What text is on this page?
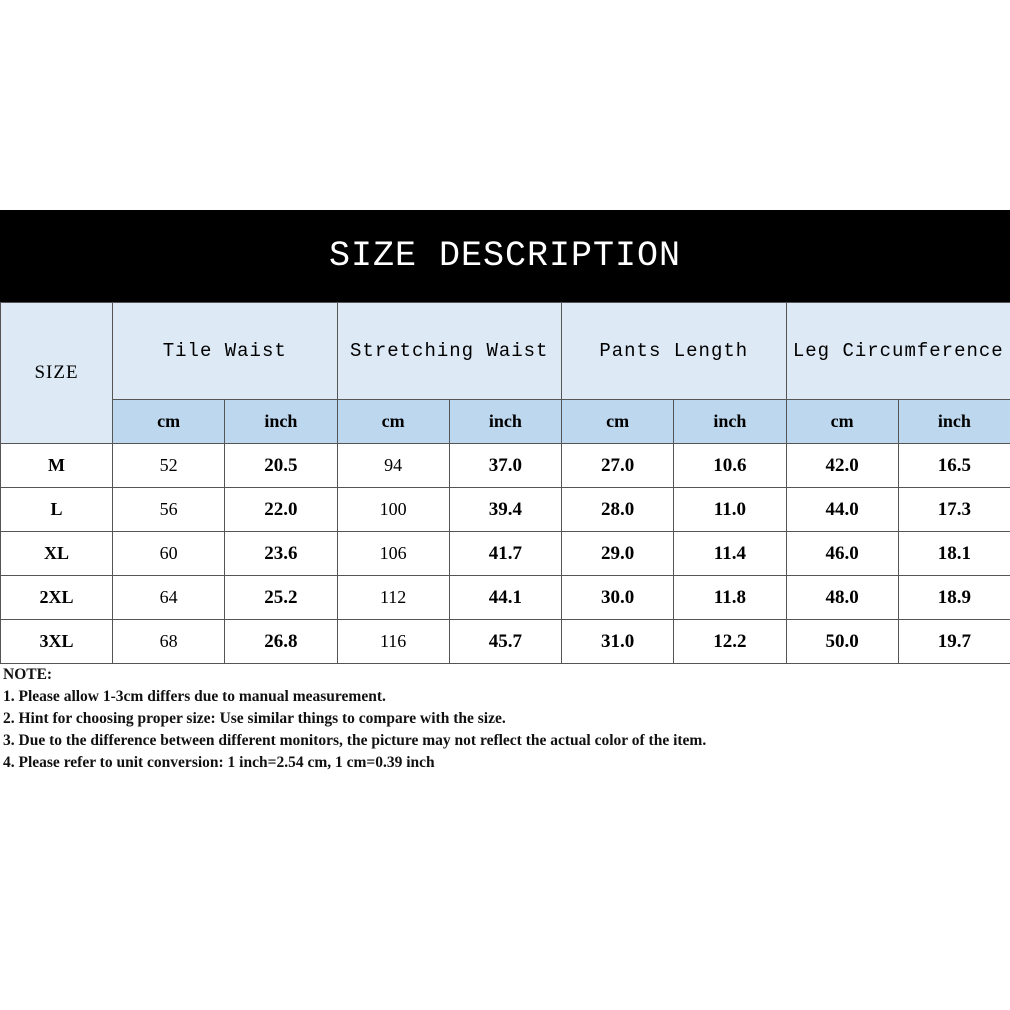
SIZE DESCRIPTION
SIZE	Tile Waist		Stretching Waist		Pants Length		Leg Circumference	
	cm	inch	cm	inch	cm	inch	cm	inch
M	52	20.5	94	37.0	27.0	10.6	42.0	16.5
L	56	22.0	100	39.4	28.0	11.0	44.0	17.3
XL	60	23.6	106	41.7	29.0	11.4	46.0	18.1
2XL	64	25.2	112	44.1	30.0	11.8	48.0	18.9
3XL	68	26.8	116	45.7	31.0	12.2	50.0	19.7
NOTE:
1. Please allow 1-3cm differs due to manual measurement.
2. Hint for choosing proper size: Use similar things to compare with the size.
3. Due to the difference between different monitors, the picture may not reflect the actual color of the item.
4. Please refer to unit conversion: 1 inch=2.54 cm, 1 cm=0.39 inch
